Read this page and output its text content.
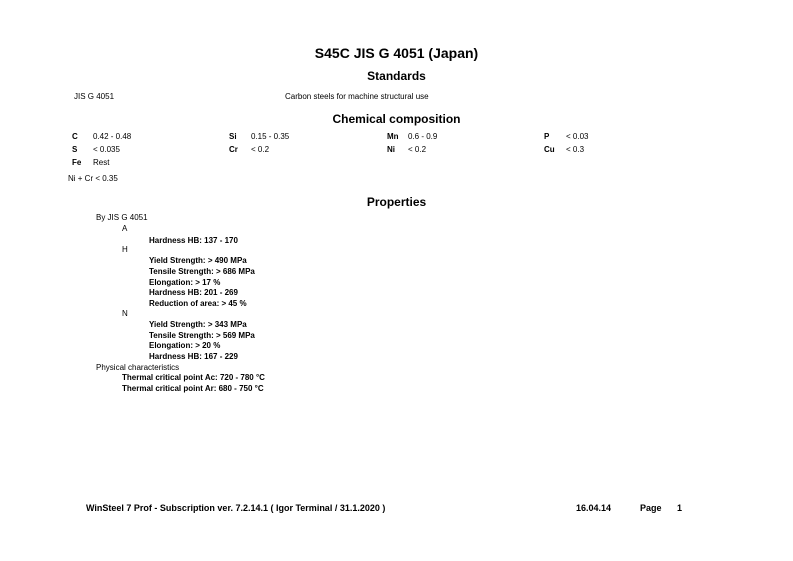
S45C JIS G 4051 (Japan)
Standards
JIS G 4051	Carbon steels for machine structural use
Chemical composition
C 0.42 - 0.48	Si 0.15 - 0.35	Mn 0.6 - 0.9	P < 0.03
S < 0.035	Cr < 0.2	Ni < 0.2	Cu < 0.3
Fe Rest
Ni + Cr < 0.35
Properties
By JIS G 4051
A
Hardness HB: 137 - 170
H
Yield Strength: > 490 MPa
Tensile Strength: > 686 MPa
Elongation: > 17 %
Hardness HB: 201 - 269
Reduction of area: > 45 %
N
Yield Strength: > 343 MPa
Tensile Strength: > 569 MPa
Elongation: > 20 %
Hardness HB: 167 - 229
Physical characteristics
Thermal critical point Ac: 720 - 780 °C
Thermal critical point Ar: 680 - 750 °C
WinSteel 7 Prof - Subscription ver. 7.2.14.1 ( Igor Terminal / 31.1.2020 )	16.04.14	Page 1
